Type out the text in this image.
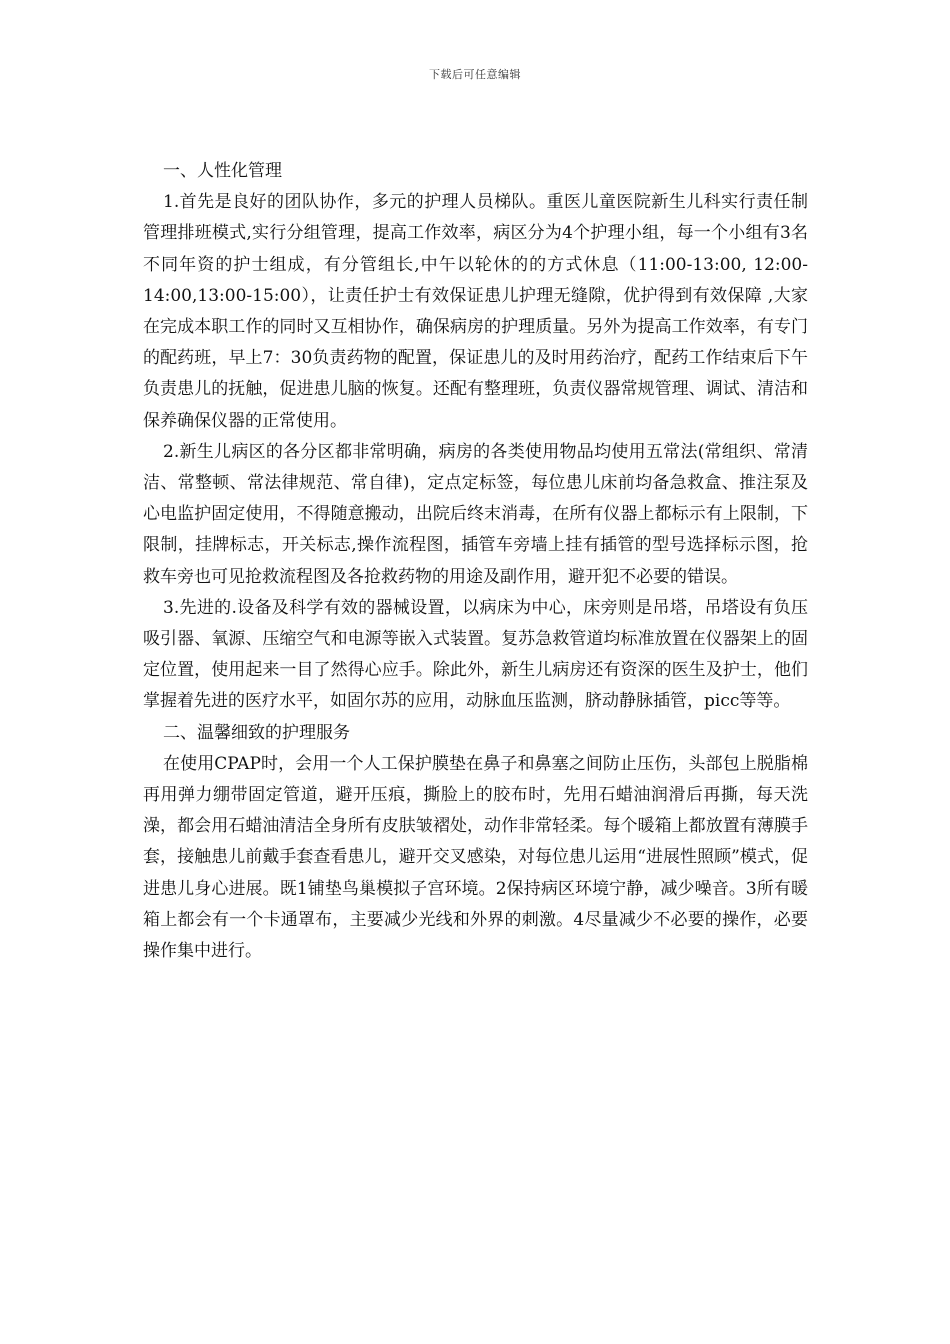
下载后可任意编辑

一、人性化管理

1.首先是良好的团队协作，多元的护理人员梯队。重医儿童医院新生儿科实行责任制管理排班模式,实行分组管理，提高工作效率，病区分为4个护理小组，每一个小组有3名不同年资的护士组成，有分管组长,中午以轮休的的方式休息（11:00-13:00, 12:00-14:00,13:00-15:00），让责任护士有效保证患儿护理无缝隙，优护得到有效保障 ,大家在完成本职工作的同时又互相协作，确保病房的护理质量。另外为提高工作效率，有专门的配药班，早上7：30负责药物的配置，保证患儿的及时用药治疗，配药工作结束后下午负责患儿的抚触，促进患儿脑的恢复。还配有整理班，负责仪器常规管理、调试、清洁和保养确保仪器的正常使用。

2.新生儿病区的各分区都非常明确，病房的各类使用物品均使用五常法(常组织、常清洁、常整顿、常法律规范、常自律)，定点定标签，每位患儿床前均备急救盒、推注泵及心电监护固定使用，不得随意搬动，出院后终末消毒，在所有仪器上都标示有上限制，下限制，挂牌标志，开关标志,操作流程图，插管车旁墙上挂有插管的型号选择标示图，抢救车旁也可见抢救流程图及各抢救药物的用途及副作用，避开犯不必要的错误。

3.先进的.设备及科学有效的器械设置，以病床为中心，床旁则是吊塔，吊塔设有负压吸引器、氧源、压缩空气和电源等嵌入式装置。复苏急救管道均标准放置在仪器架上的固定位置，使用起来一目了然得心应手。除此外，新生儿病房还有资深的医生及护士，他们掌握着先进的医疗水平，如固尔苏的应用，动脉血压监测，脐动静脉插管，picc等等。

二、温馨细致的护理服务

在使用CPAP时，会用一个人工保护膜垫在鼻子和鼻塞之间防止压伤，头部包上脱脂棉再用弹力绷带固定管道，避开压痕，撕脸上的胶布时，先用石蜡油润滑后再撕，每天洗澡，都会用石蜡油清洁全身所有皮肤皱褶处，动作非常轻柔。每个暖箱上都放置有薄膜手套，接触患儿前戴手套查看患儿，避开交叉感染，对每位患儿运用“进展性照顾”模式，促进患儿身心进展。既1铺垫鸟巢模拟子宫环境。2保持病区环境宁静，减少噪音。3所有暖箱上都会有一个卡通罩布，主要减少光线和外界的刺激。4尽量减少不必要的操作，必要操作集中进行。
